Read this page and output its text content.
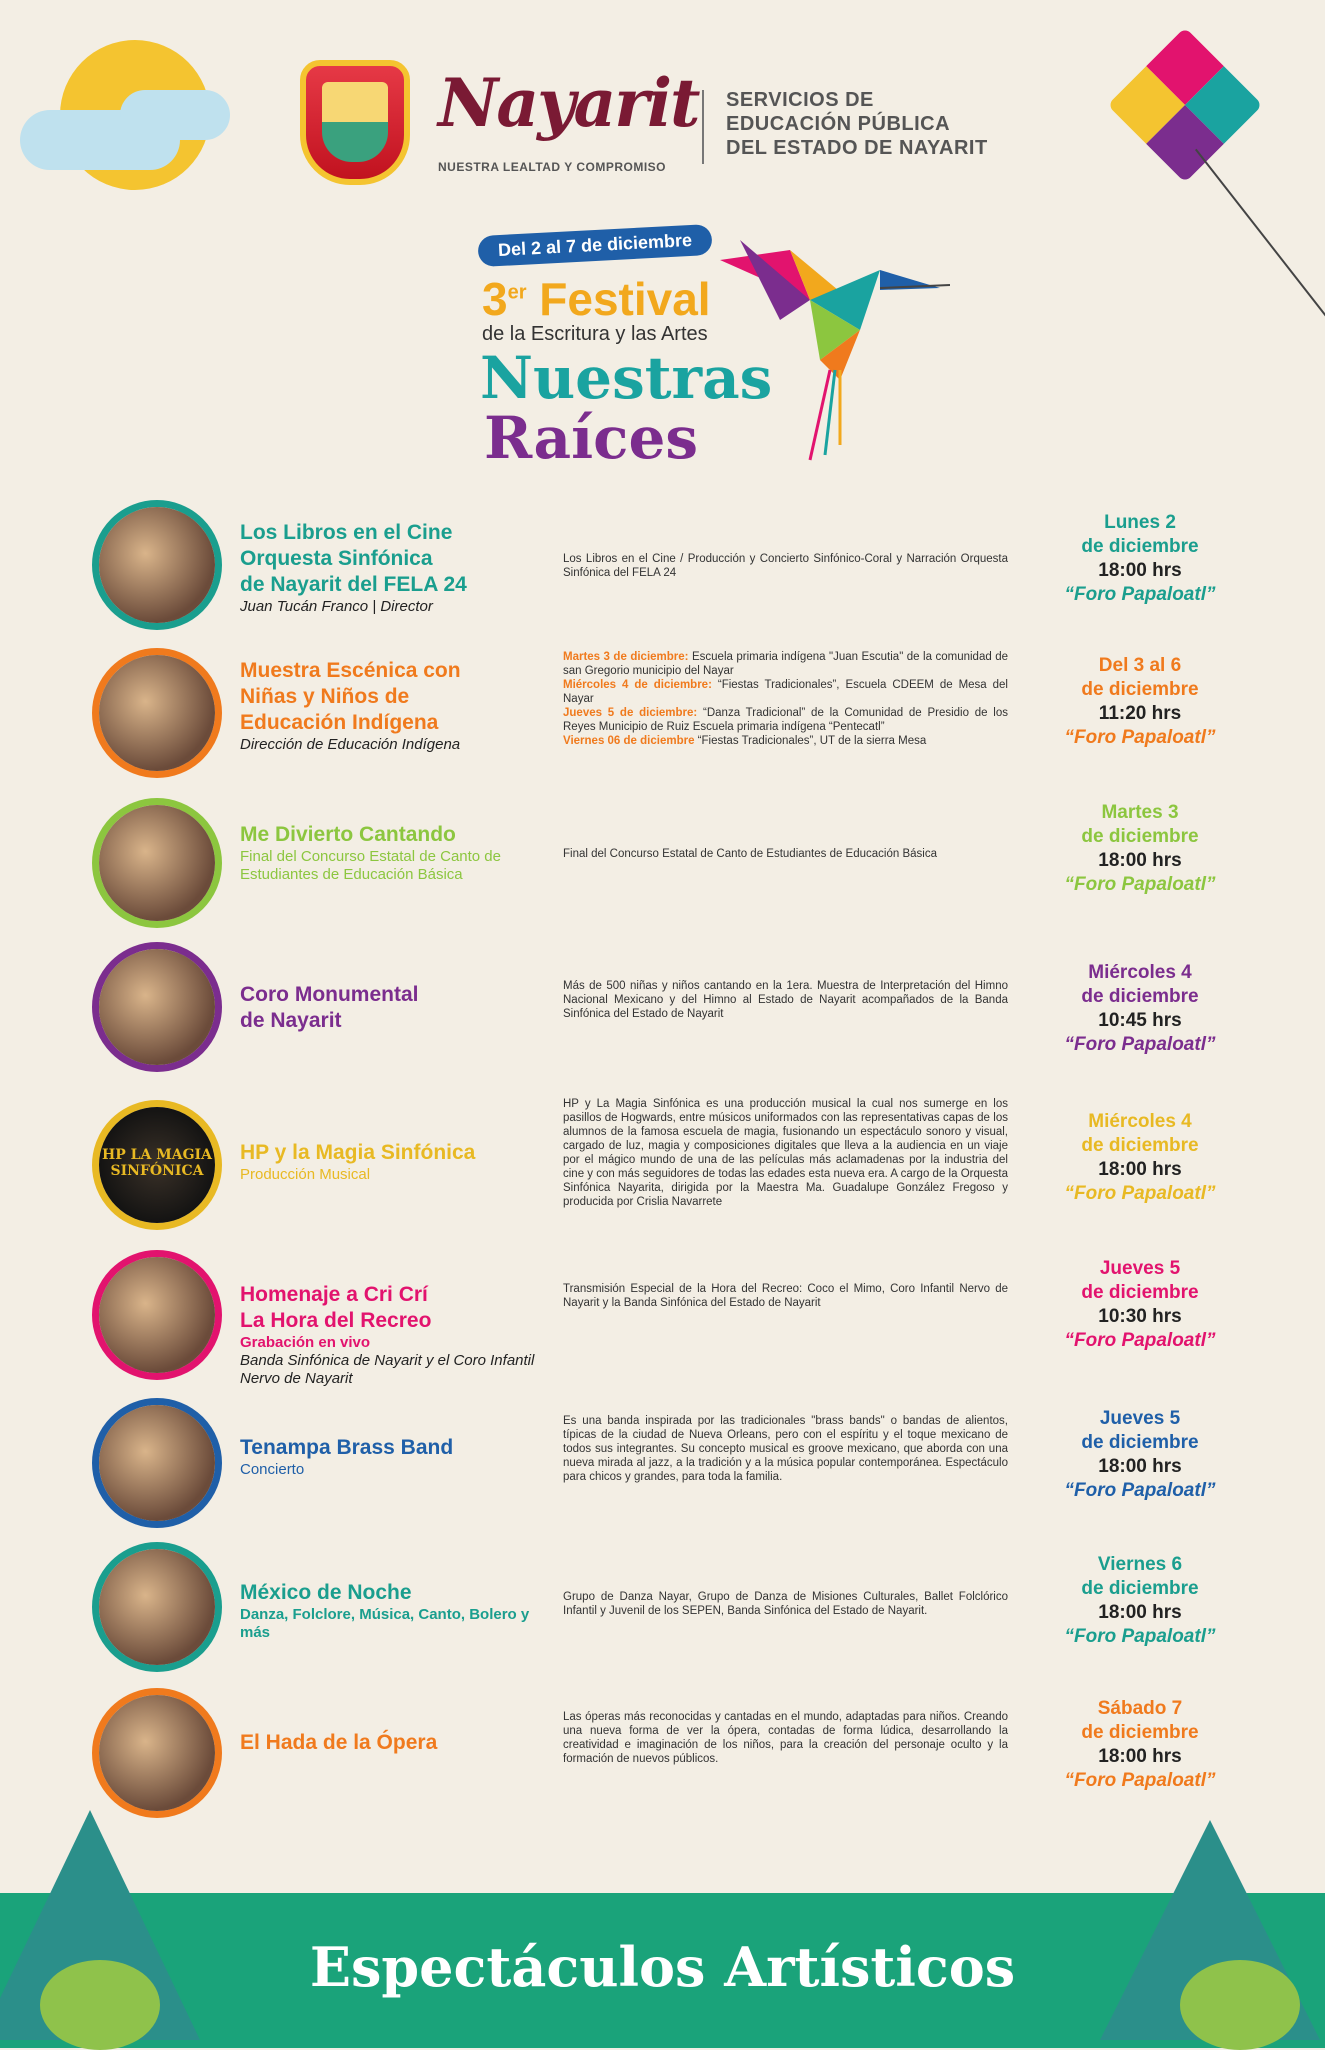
Nayarit
NUESTRA LEALTAD Y COMPROMISO
SERVICIOS DE
EDUCACIÓN PÚBLICA
DEL ESTADO DE NAYARIT
Del 2 al 7 de diciembre
3er Festival
de la Escritura y las Artes
Nuestras
Raíces
Los Libros en el Cine
Orquesta Sinfónica
de Nayarit del FELA 24
Juan Tucán Franco | Director
Los Libros en el Cine / Producción y Concierto Sinfónico-Coral y Narración Orquesta Sinfónica del FELA 24
Lunes 2
de diciembre
18:00 hrs
“Foro Papaloatl”
Muestra Escénica con
Niñas y Niños de
Educación Indígena
Dirección de Educación Indígena
Martes 3 de diciembre: Escuela primaria indígena "Juan Escutia" de la comunidad de san Gregorio municipio del Nayar
Miércoles 4 de diciembre: “Fiestas Tradicionales”, Escuela CDEEM de Mesa del Nayar
Jueves 5 de diciembre: “Danza Tradicional” de la Comunidad de Presidio de los Reyes Municipio de Ruiz Escuela primaria indígena “Pentecatl”
Viernes 06 de diciembre “Fiestas Tradicionales”, UT de la sierra Mesa
Del 3 al 6
de diciembre
11:20 hrs
“Foro Papaloatl”
Me Divierto Cantando
Final del Concurso Estatal de Canto de Estudiantes de Educación Básica
Final del Concurso Estatal de Canto de Estudiantes de Educación Básica
Martes 3
de diciembre
18:00 hrs
“Foro Papaloatl”
Coro Monumental
de Nayarit
Más de 500 niñas y niños cantando en la 1era. Muestra de Interpretación del Himno Nacional Mexicano y del Himno al Estado de Nayarit acompañados de la Banda Sinfónica del Estado de Nayarit
Miércoles 4
de diciembre
10:45 hrs
“Foro Papaloatl”
HP LA MAGIA SINFÓNICA
HP y la Magia Sinfónica
Producción Musical
HP y La Magia Sinfónica es una producción musical la cual nos sumerge en los pasillos de Hogwards, entre músicos uniformados con las representativas capas de los alumnos de la famosa escuela de magia, fusionando un espectáculo sonoro y visual, cargado de luz, magia y composiciones digitales que lleva a la audiencia en un viaje por el mágico mundo de una de las películas más aclamadenas por la industria del cine y con más seguidores de todas las edades esta nueva era. A cargo de la Orquesta Sinfónica Nayarita, dirigida por la Maestra Ma. Guadalupe González Fregoso y producida por Crislia Navarrete
Miércoles 4
de diciembre
18:00 hrs
“Foro Papaloatl”
Homenaje a Cri Crí
La Hora del Recreo
Grabación en vivo
Banda Sinfónica de Nayarit y el Coro Infantil Nervo de Nayarit
Transmisión Especial de la Hora del Recreo: Coco el Mimo, Coro Infantil Nervo de Nayarit y la Banda Sinfónica del Estado de Nayarit
Jueves 5
de diciembre
10:30 hrs
“Foro Papaloatl”
Tenampa Brass Band
Concierto
Es una banda inspirada por las tradicionales "brass bands" o bandas de alientos, típicas de la ciudad de Nueva Orleans, pero con el espíritu y el toque mexicano de todos sus integrantes. Su concepto musical es groove mexicano, que aborda con una nueva mirada al jazz, a la tradición y a la música popular contemporánea. Espectáculo para chicos y grandes, para toda la familia.
Jueves 5
de diciembre
18:00 hrs
“Foro Papaloatl”
México de Noche
Danza, Folclore, Música, Canto, Bolero y más
Grupo de Danza Nayar, Grupo de Danza de Misiones Culturales, Ballet Folclórico Infantil y Juvenil de los SEPEN, Banda Sinfónica del Estado de Nayarit.
Viernes 6
de diciembre
18:00 hrs
“Foro Papaloatl”
El Hada de la Ópera
Las óperas más reconocidas y cantadas en el mundo, adaptadas para niños. Creando una nueva forma de ver la ópera, contadas de forma lúdica, desarrollando la creatividad e imaginación de los niños, para la creación del personaje oculto y la formación de nuevos públicos.
Sábado 7
de diciembre
18:00 hrs
“Foro Papaloatl”
Espectáculos Artísticos
